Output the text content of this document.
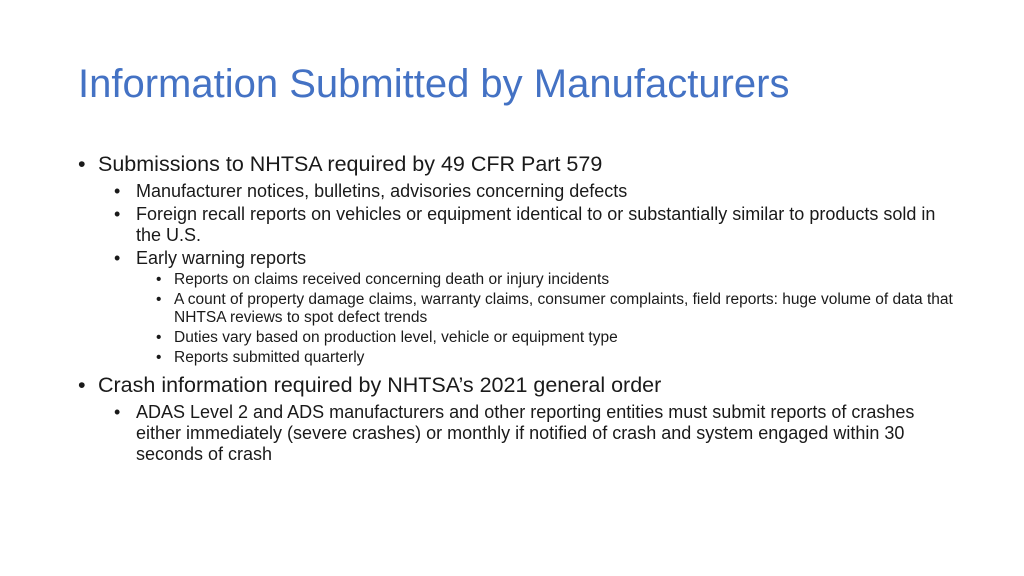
Information Submitted by Manufacturers
• Submissions to NHTSA required by 49 CFR Part 579
• Manufacturer notices, bulletins, advisories concerning defects
• Foreign recall reports on vehicles or equipment identical to or substantially similar to products sold in the U.S.
• Early warning reports
• Reports on claims received concerning death or injury incidents
• A count of property damage claims, warranty claims, consumer complaints, field reports: huge volume of data that NHTSA reviews to spot defect trends
• Duties vary based on production level, vehicle or equipment type
• Reports submitted quarterly
• Crash information required by NHTSA’s 2021 general order
• ADAS Level 2 and ADS manufacturers and other reporting entities must submit reports of crashes either immediately (severe crashes) or monthly if notified of crash and system engaged within 30 seconds of crash
